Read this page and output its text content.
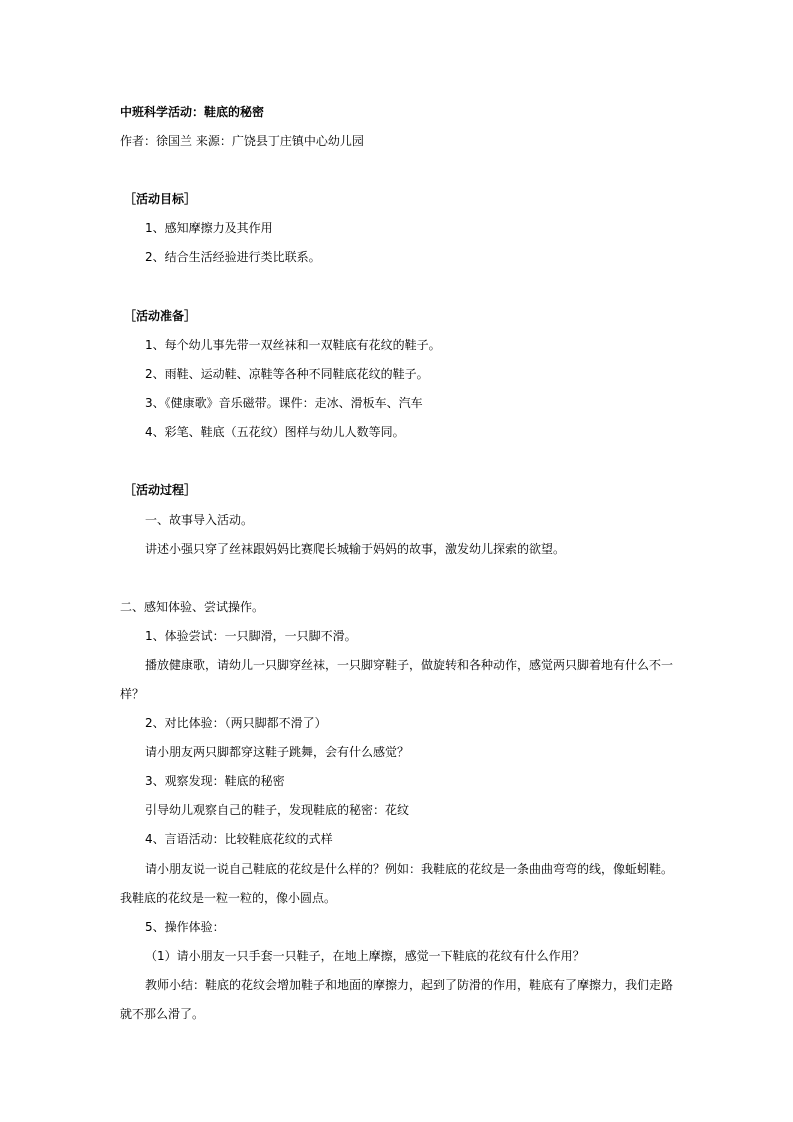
中班科学活动：鞋底的秘密
作者：徐国兰 来源：广饶县丁庄镇中心幼儿园
［活动目标］
1、感知摩擦力及其作用
2、结合生活经验进行类比联系。
［活动准备］
1、每个幼儿事先带一双丝袜和一双鞋底有花纹的鞋子。
2、雨鞋、运动鞋、凉鞋等各种不同鞋底花纹的鞋子。
3、《健康歌》音乐磁带。课件：走冰、滑板车、汽车
4、彩笔、鞋底（五花纹）图样与幼儿人数等同。
［活动过程］
一、故事导入活动。
讲述小强只穿了丝袜跟妈妈比赛爬长城输于妈妈的故事，激发幼儿探索的欲望。
二、感知体验、尝试操作。
1、体验尝试：一只脚滑，一只脚不滑。
播放健康歌，请幼儿一只脚穿丝袜，一只脚穿鞋子，做旋转和各种动作，感觉两只脚着地有什么不一
样？
2、对比体验：（两只脚都不滑了）
请小朋友两只脚都穿这鞋子跳舞，会有什么感觉？
3、观察发现：鞋底的秘密
引导幼儿观察自己的鞋子，发现鞋底的秘密：花纹
4、言语活动：比较鞋底花纹的式样
请小朋友说一说自己鞋底的花纹是什么样的？例如：我鞋底的花纹是一条曲曲弯弯的线，像蚯蚓鞋。
我鞋底的花纹是一粒一粒的，像小圆点。
5、操作体验：
（1）请小朋友一只手套一只鞋子，在地上摩擦，感觉一下鞋底的花纹有什么作用？
教师小结：鞋底的花纹会增加鞋子和地面的摩擦力，起到了防滑的作用，鞋底有了摩擦力，我们走路
就不那么滑了。
